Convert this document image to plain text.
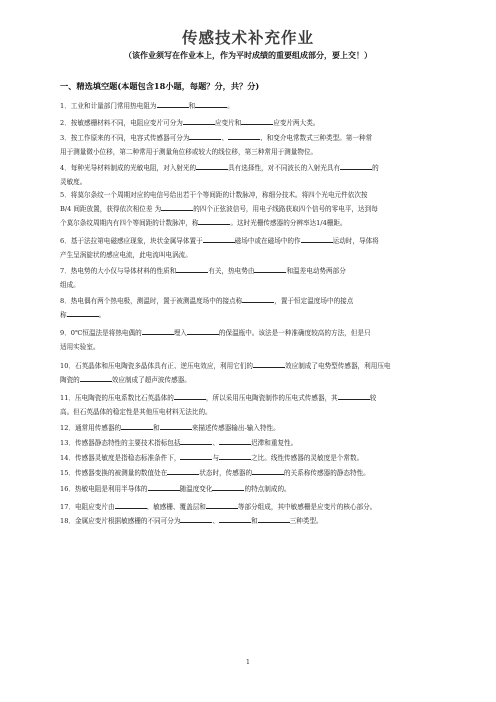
传感技术补充作业
（该作业须写在作业本上，作为平时成绩的重要组成部分，要上交！）
一、精选填空题(本题包含18小题，每题？分，共？分)
1．工业和计量部门常用热电阻为	和	。
2．按敏感栅材料不同，电阻应变片可分为	应变片和	应变片两大类。
3．按工作原来的不同，电容式传感器可分为	、	、和变介电常数式三种类型。第一种常
用于测量微小位移，第二种常用于测量角位移或较大的线位移，第三种常用于测量物位。
4．每种光导材料制成的光敏电阻，对入射光的	具有选择性，对不同波长的入射光具有	的
灵敏度。
5．将莫尔条纹一个周期对应的电信号给出若干个等间距的计数脉冲，称细分技术。将四个光电元件依次按
B/4 间距放置，获得依次相位差 为	的四个正弦波信号，用电子线路获取四个信号的零电平，达到每
个莫尔条纹周期内有四个等间距的计数脉冲，称	。这时光栅传感器的分辨率达1/4栅距。
6．基于法拉第电磁感应现象，块状金属导体置于	磁场中或在磁场中的作	运动时，导体将
产生呈涡旋状的感应电流，此电流叫电涡流。
7．热电势的大小仅与导体材料的性质和	有关，热电势由	和温差电动势两部分
组成。
8．热电偶有两个热电极，测温时，置于被测温度场中的接点称	，置于恒定温度场中的接点
称	。
9．0℃恒温法是将热电偶的	埋入	的保温瓶中。该法是一种准确度较高的方法，但是只
适用实验室。
10．石英晶体和压电陶瓷多晶体具有正、逆压电效应，利用它们的	效应制成了电势型传感器，利用压电
陶瓷的	效应制成了超声波传感器。
11．压电陶瓷的压电系数比石英晶体的	，所以采用压电陶瓷制作的压电式传感器，其	较
高。但石英晶体的稳定性是其他压电材料无法比的。
12．通常用传感器的	和	来描述传感器输出-输入特性。
13．传感器静态特性的主要技术指标包括	、	迟滞和重复性。
14．传感器灵敏度是指稳态标准条件下，	与	之比。线性传感器的灵敏度是个常数。
15．传感器变换的被测量的数值处在	状态时，传感器的	的关系称传感器的静态特性。
16．热敏电阻是利用半导体的	随温度变化	的特点制成的。
17．电阻应变片由	、敏感栅、覆盖层和	等部分组成，其中敏感栅是应变片的核心部分。
18．金属应变片根据敏感栅的不同可分为	、	和	三种类型。
1
